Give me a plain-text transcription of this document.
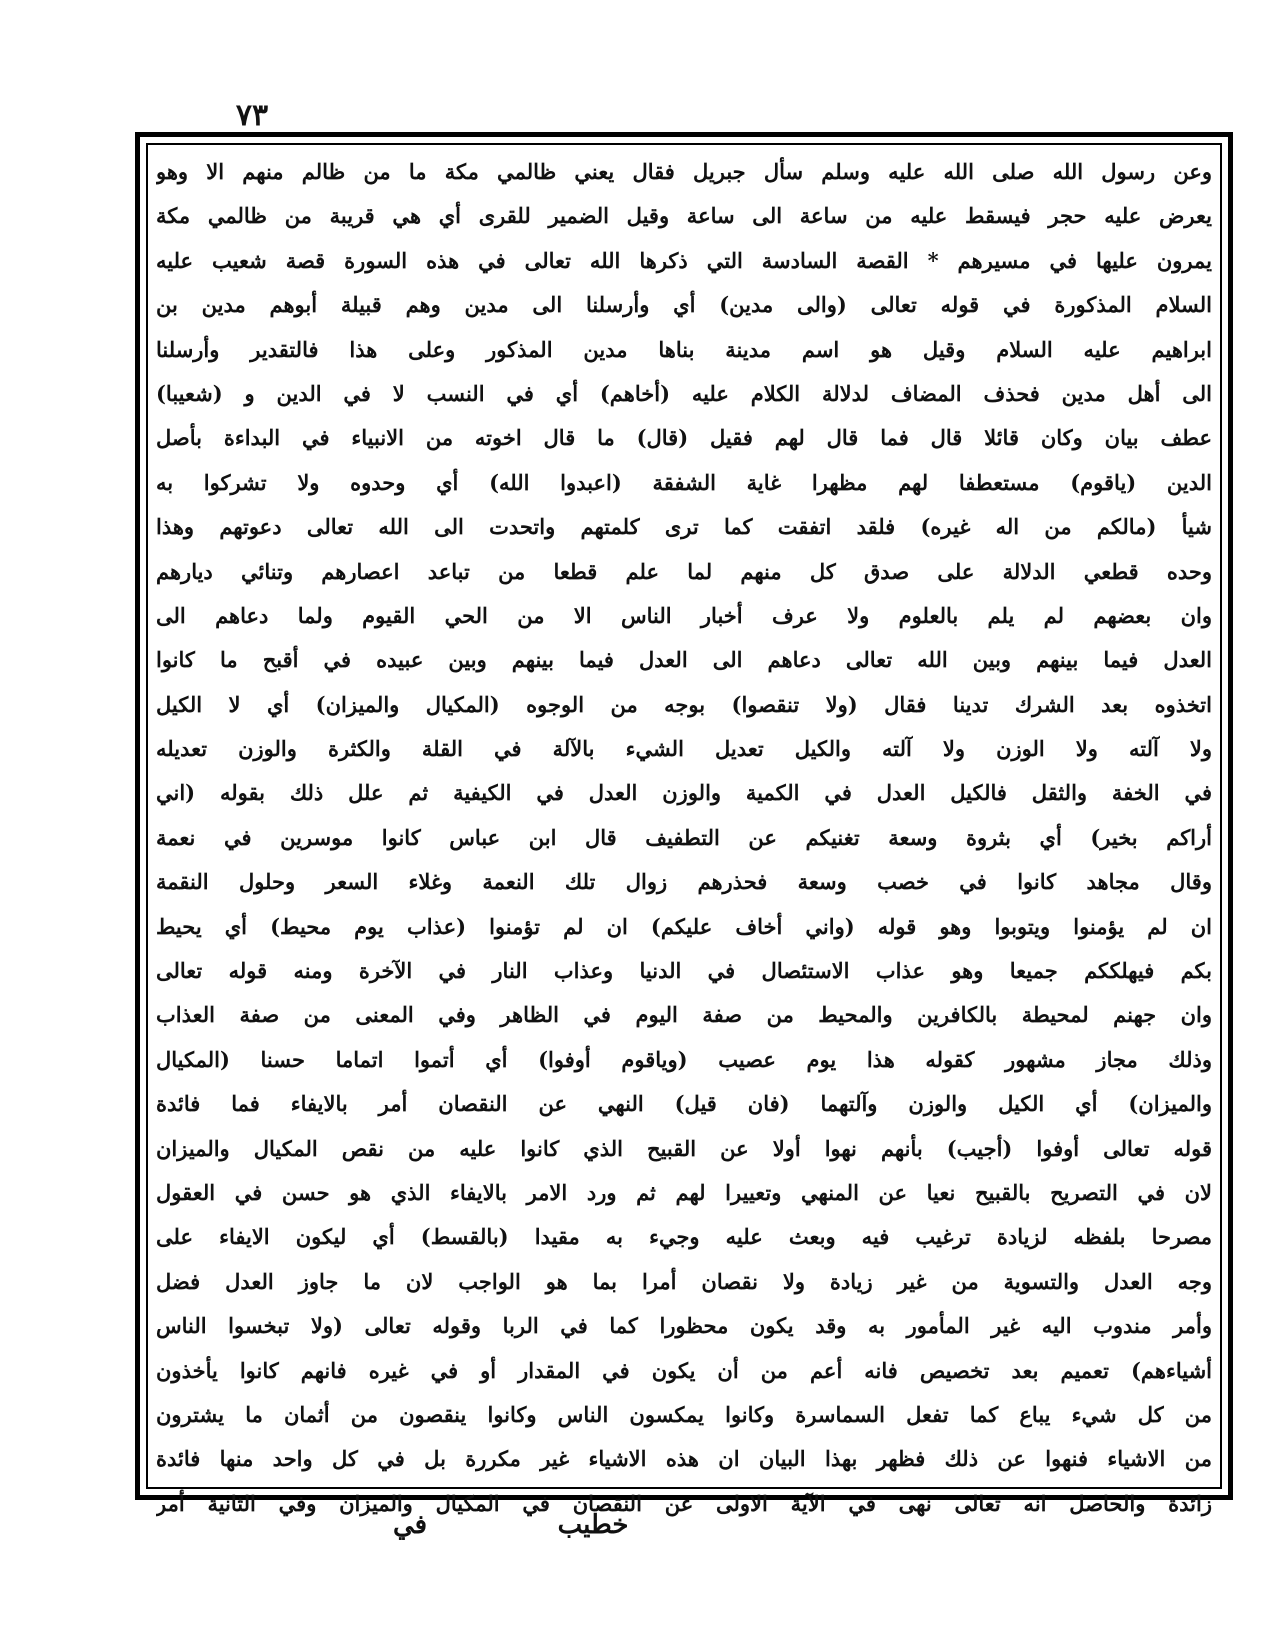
٧٣
وعن رسول الله صلى الله عليه وسلم سأل جبريل فقال يعني ظالمي مكة ما من ظالم منهم الا وهو
يعرض عليه حجر فيسقط عليه من ساعة الى ساعة وقيل الضمير للقرى أي هي قريبة من ظالمي مكة
يمرون عليها في مسيرهم * القصة السادسة التي ذكرها الله تعالى في هذه السورة قصة شعيب عليه
السلام المذكورة في قوله تعالى (والى مدين) أي وأرسلنا الى مدين وهم قبيلة أبوهم مدين بن
ابراهيم عليه السلام وقيل هو اسم مدينة بناها مدين المذكور وعلى هذا فالتقدير وأرسلنا
الى أهل مدين فحذف المضاف لدلالة الكلام عليه (أخاهم) أي في النسب لا في الدين و (شعيبا)
عطف بيان وكان قائلا قال فما قال لهم فقيل (قال) ما قال اخوته من الانبياء في البداءة بأصل
الدين (ياقوم) مستعطفا لهم مظهرا غاية الشفقة (اعبدوا الله) أي وحدوه ولا تشركوا به
شيأ (مالكم من اله غيره) فلقد اتفقت كما ترى كلمتهم واتحدت الى الله تعالى دعوتهم وهذا
وحده قطعي الدلالة على صدق كل منهم لما علم قطعا من تباعد اعصارهم وتنائي ديارهم
وان بعضهم لم يلم بالعلوم ولا عرف أخبار الناس الا من الحي القيوم ولما دعاهم الى
العدل فيما بينهم وبين الله تعالى دعاهم الى العدل فيما بينهم وبين عبيده في أقبح ما كانوا
اتخذوه بعد الشرك تدينا فقال (ولا تنقصوا) بوجه من الوجوه (المكيال والميزان) أي لا الكيل
ولا آلته ولا الوزن ولا آلته والكيل تعديل الشيء بالآلة في القلة والكثرة والوزن تعديله
في الخفة والثقل فالكيل العدل في الكمية والوزن العدل في الكيفية ثم علل ذلك بقوله (اني
أراكم بخير) أي بثروة وسعة تغنيكم عن التطفيف قال ابن عباس كانوا موسرين في نعمة
وقال مجاهد كانوا في خصب وسعة فحذرهم زوال تلك النعمة وغلاء السعر وحلول النقمة
ان لم يؤمنوا ويتوبوا وهو قوله (واني أخاف عليكم) ان لم تؤمنوا (عذاب يوم محيط) أي يحيط
بكم فيهلككم جميعا وهو عذاب الاستئصال في الدنيا وعذاب النار في الآخرة ومنه قوله تعالى
وان جهنم لمحيطة بالكافرين والمحيط من صفة اليوم في الظاهر وفي المعنى من صفة العذاب
وذلك مجاز مشهور كقوله هذا يوم عصيب (وياقوم أوفوا) أي أتموا اتماما حسنا (المكيال
والميزان) أي الكيل والوزن وآلتهما (فان قيل) النهي عن النقصان أمر بالايفاء فما فائدة
قوله تعالى أوفوا (أجيب) بأنهم نهوا أولا عن القبيح الذي كانوا عليه من نقص المكيال والميزان
لان في التصريح بالقبيح نعيا عن المنهي وتعييرا لهم ثم ورد الامر بالايفاء الذي هو حسن في العقول
مصرحا بلفظه لزيادة ترغيب فيه وبعث عليه وجيء به مقيدا (بالقسط) أي ليكون الايفاء على
وجه العدل والتسوية من غير زيادة ولا نقصان أمرا بما هو الواجب لان ما جاوز العدل فضل
وأمر مندوب اليه غير المأمور به وقد يكون محظورا كما في الربا وقوله تعالى (ولا تبخسوا الناس
أشياءهم) تعميم بعد تخصيص فانه أعم من أن يكون في المقدار أو في غيره فانهم كانوا يأخذون
من كل شيء يباع كما تفعل السماسرة وكانوا يمكسون الناس وكانوا ينقصون من أثمان ما يشترون
من الاشياء فنهوا عن ذلك فظهر بهذا البيان ان هذه الاشياء غير مكررة بل في كل واحد منها فائدة
زائدة والحاصل انه تعالى نهى في الآية الاولى عن النقصان في المكيال والميزان وفي الثانية أمر
خطيب
في
